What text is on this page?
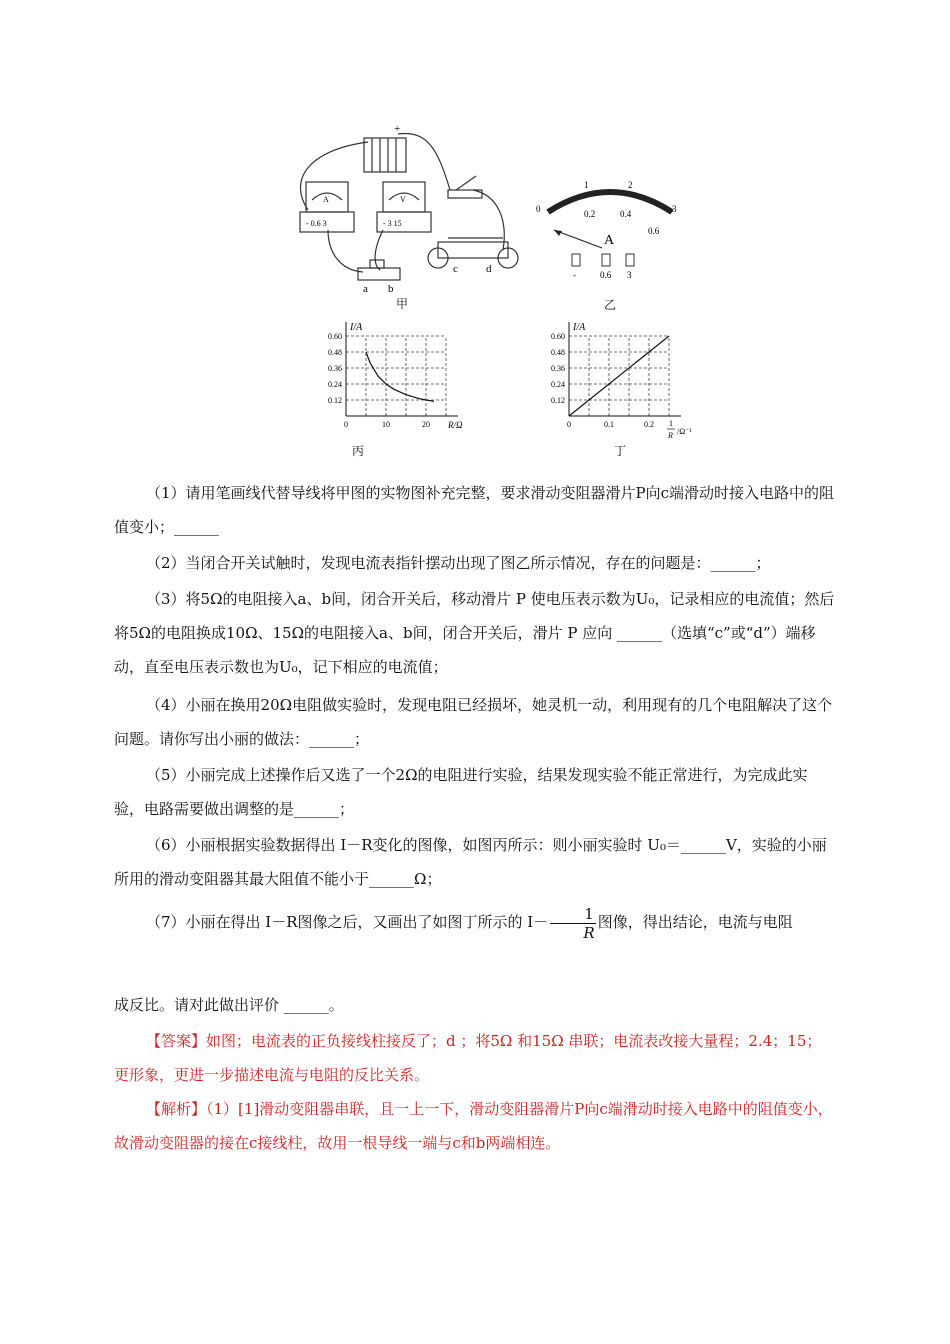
+
A	V
- 0.6 3	- 3 15
a b
c	d
甲
0
1	2
3
0.2	0.4
0.6
A
-	0.6 3
乙
0.60
0.48
0.36
0.24
0.12
0	10	20
I/A
R/Ω
丙
0.60
0.48
0.36
0.24
0.12
0	0.1	0.2
I/A
1
R /Ω⁻¹
丁
（1）请用笔画线代替导线将甲图的实物图补充完整，要求滑动变阻器滑片P向c端滑动时接入电路中的阻值变小；______
（2）当闭合开关试触时，发现电流表指针摆动出现了图乙所示情况，存在的问题是：______；
（3）将5Ω的电阻接入a、b间，闭合开关后，移动滑片 P 使电压表示数为U₀，记录相应的电流值；然后将5Ω的电阻换成10Ω、15Ω的电阻接入a、b间，闭合开关后，滑片 P 应向 ______（选填“c”或“d”）端移动，直至电压表示数也为U₀，记下相应的电流值；
（4）小丽在换用20Ω电阻做实验时，发现电阻已经损坏，她灵机一动，利用现有的几个电阻解决了这个问题。请你写出小丽的做法：______；
（5）小丽完成上述操作后又选了一个2Ω的电阻进行实验，结果发现实验不能正常进行，为完成此实验，电路需要做出调整的是______；
（6）小丽根据实验数据得出 I－R变化的图像，如图丙所示：则小丽实验时 U₀＝______V，实验的小丽所用的滑动变阻器其最大阻值不能小于______Ω；
（7）小丽在得出 I－R图像之后，又画出了如图丁所示的 $I- \frac{1}{R}$ 图像，得出结论，电流与电阻
成反比。请对此做出评价 ______。
【答案】如图；电流表的正负接线柱接反了；d ；将5Ω 和15Ω 串联；电流表改接大量程；2.4；15；更形象，更进一步描述电流与电阻的反比关系。
【解析】（1）[1]滑动变阻器串联，且一上一下，滑动变阻器滑片P向c端滑动时接入电路中的阻值变小，故滑动变阻器的接在c接线柱，故用一根导线一端与c和b两端相连。
